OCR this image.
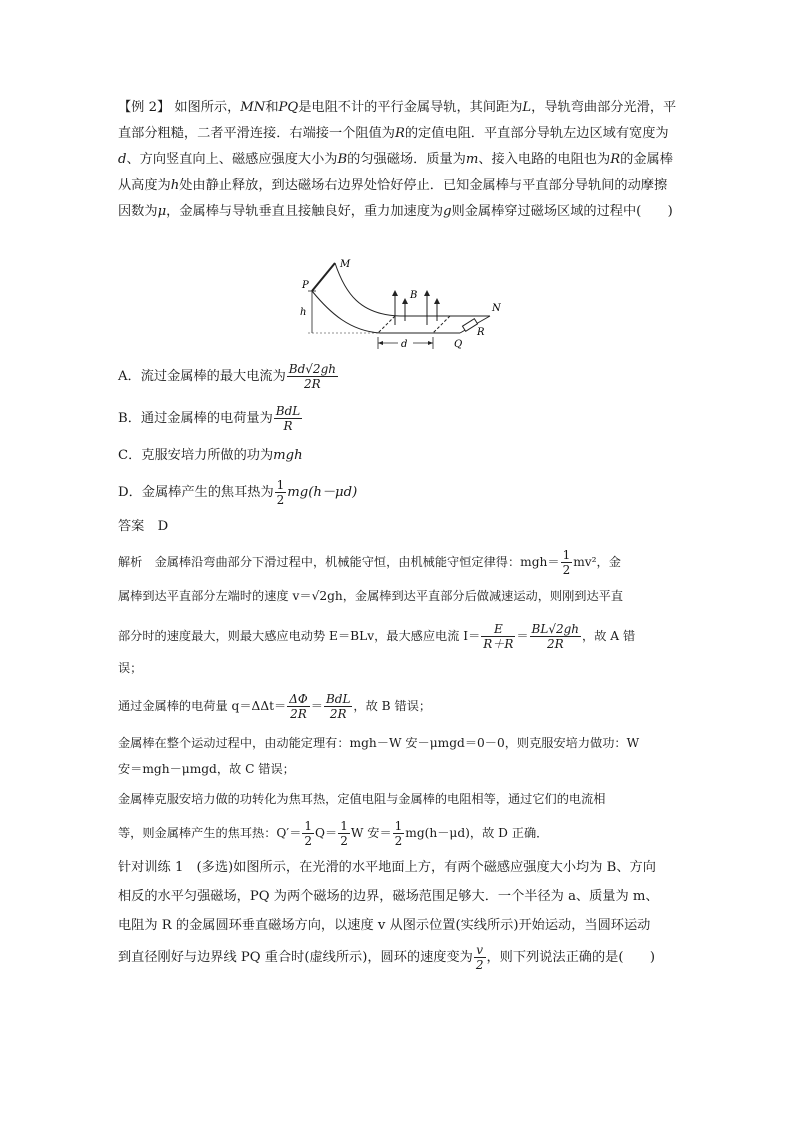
【例 2】 如图所示，MN和PQ是电阻不计的平行金属导轨，其间距为L，导轨弯曲部分光滑，平直部分粗糙，二者平滑连接．右端接一个阻值为R的定值电阻．平直部分导轨左边区域有宽度为d、方向竖直向上、磁感应强度大小为B的匀强磁场．质量为m、接入电路的电阻也为R的金属棒从高度为h处由静止释放，到达磁场右边界处恰好停止．已知金属棒与平直部分导轨间的动摩擦因数为μ，金属棒与导轨垂直且接触良好，重力加速度为g则金属棒穿过磁场区域的过程中(　　)
M
P
h
B
N
R
d	Q
A．流过金属棒的最大电流为 $\frac{Bd√2gh}{2R}$
B．通过金属棒的电荷量为 $\frac{\text{BdL}}{R}$
C．克服安培力所做的功为mgh
D．金属棒产生的焦耳热为 $\frac{1}{2} mg(h-\mu d)$
答案　 D
解析　 金属棒沿弯曲部分下滑过程中，机械能守恒，由机械能守恒定律得：$mgh= \frac{1}{2} mv^2$，金
属棒到达平直部分左端时的速度 v＝√2gh，金属棒到达平直部分后做减速运动，则刚到达平直
部分时的速度最大，则最大感应电动势 E＝BLv，最大感应电流 $I= \frac{E}{R+R} = \frac{BL√2gh}{2R}$ ，故 A 错
误；
通过金属棒的电荷量 $q=\Delta\Delta t= \frac{\Delta\Phi}{2R} = \frac{\text{BdL}}{2R}$ ，故 B 错误；
金属棒在整个运动过程中，由动能定理有：mgh－W 安－μmgd＝0－0，则克服安培力做功：W
安＝mgh－μmgd，故 C 错误；
金属棒克服安培力做的功转化为焦耳热，定值电阻与金属棒的电阻相等，通过它们的电流相
等，则金属棒产生的焦耳热：$Q'= \frac{1}{2} Q= \frac{1}{2}$ W 安＝ $\frac{1}{2} mg(h-\mu d)$，故 D 正确．
针对训练 1　(多选)如图所示，在光滑的水平地面上方，有两个磁感应强度大小均为 B、方向
相反的水平匀强磁场，PQ 为两个磁场的边界，磁场范围足够大．一个半径为 a、质量为 m、
电阻为 R 的金属圆环垂直磁场方向，以速度 v 从图示位置(实线所示)开始运动，当圆环运动
到直径刚好与边界线 PQ 重合时(虚线所示)，圆环的速度变为 $\frac{v}{2}$ ，则下列说法正确的是(　　)
